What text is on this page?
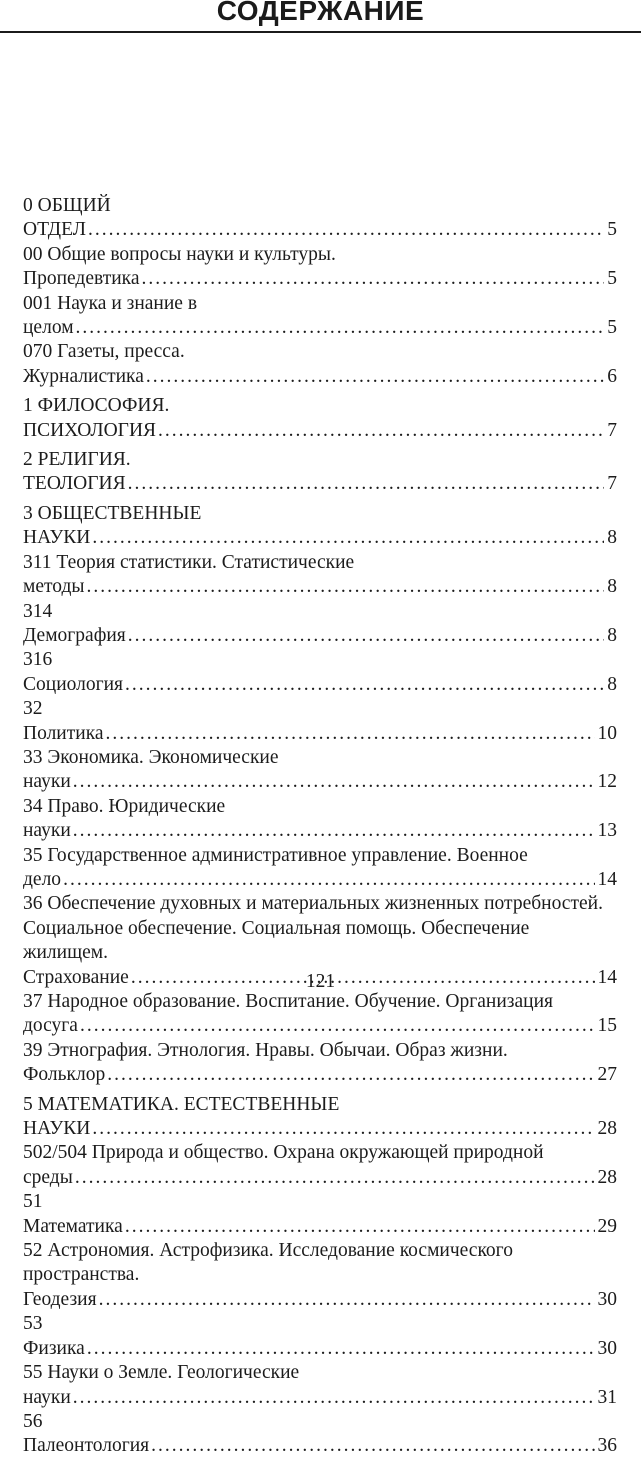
СОДЕРЖАНИЕ
0 ОБЩИЙ ОТДЕЛ .....	5
00 Общие вопросы науки и культуры. Пропедевтика .....	5
001 Наука и знание в целом .....	5
070 Газеты, пресса. Журналистика .....	6
1 ФИЛОСОФИЯ. ПСИХОЛОГИЯ .....	7
2 РЕЛИГИЯ. ТЕОЛОГИЯ .....	7
3 ОБЩЕСТВЕННЫЕ НАУКИ .....	8
311 Теория статистики. Статистические методы .....	8
314 Демография .....	8
316 Социология .....	8
32 Политика .....	10
33 Экономика. Экономические науки .....	12
34 Право. Юридические науки .....	13
35 Государственное административное управление. Военное дело .....	14
36 Обеспечение духовных и материальных жизненных потребностей. Социальное обеспечение. Социальная помощь. Обеспечение жилищем. Страхование .....	14
37 Народное образование. Воспитание. Обучение. Организация досуга .....	15
39 Этнография. Этнология. Нравы. Обычаи. Образ жизни. Фольклор .....	27
5 МАТЕМАТИКА. ЕСТЕСТВЕННЫЕ НАУКИ .....	28
502/504 Природа и общество. Охрана окружающей природной среды .....	28
51 Математика .....	29
52 Астрономия. Астрофизика. Исследование космического пространства. Геодезия .....	30
53 Физика .....	30
55 Науки о Земле. Геологические науки .....	31
56 Палеонтология .....	36
121
